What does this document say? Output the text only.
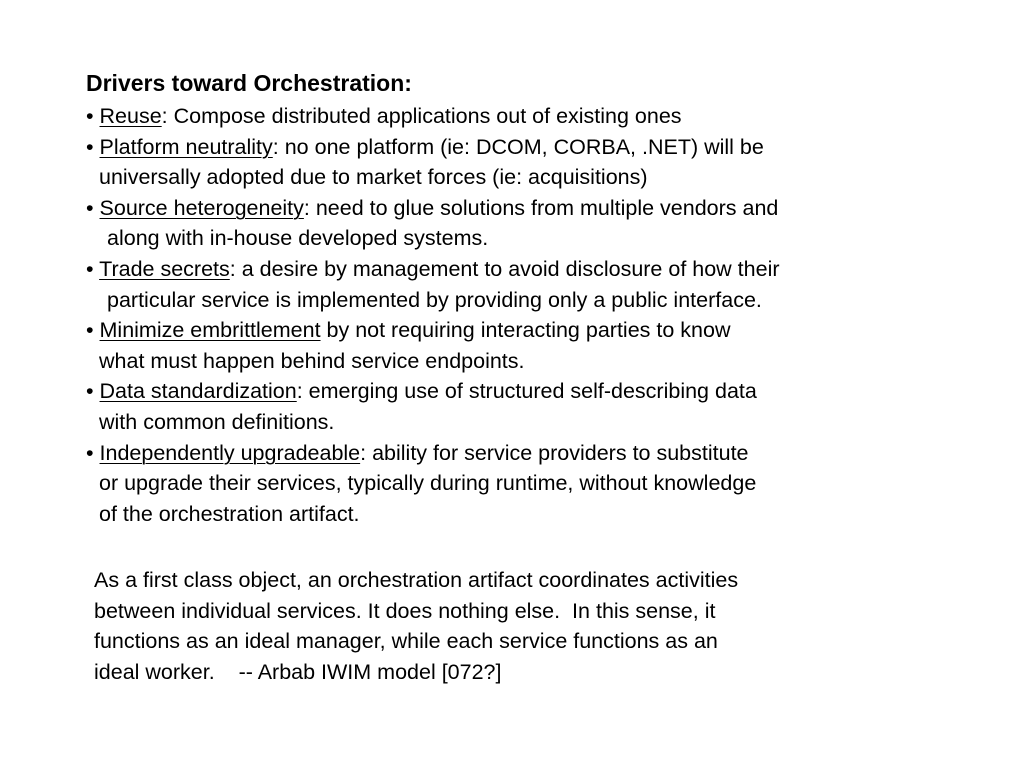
Drivers toward Orchestration:
• Reuse: Compose distributed applications out of existing ones
• Platform neutrality: no one platform (ie: DCOM, CORBA, .NET) will be
universally adopted due to market forces (ie: acquisitions)
• Source heterogeneity: need to glue solutions from multiple vendors and
along with in-house developed systems.
• Trade secrets: a desire by management to avoid disclosure of how their
particular service is implemented by providing only a public interface.
• Minimize embrittlement by not requiring interacting parties to know
what must happen behind service endpoints.
• Data standardization: emerging use of structured self-describing data
with common definitions.
• Independently upgradeable: ability for service providers to substitute
or upgrade their services, typically during runtime, without knowledge
of the orchestration artifact.
As a first class object, an orchestration artifact coordinates activities
between individual services. It does nothing else.  In this sense, it
functions as an ideal manager, while each service functions as an
ideal worker.    -- Arbab IWIM model [072?]
